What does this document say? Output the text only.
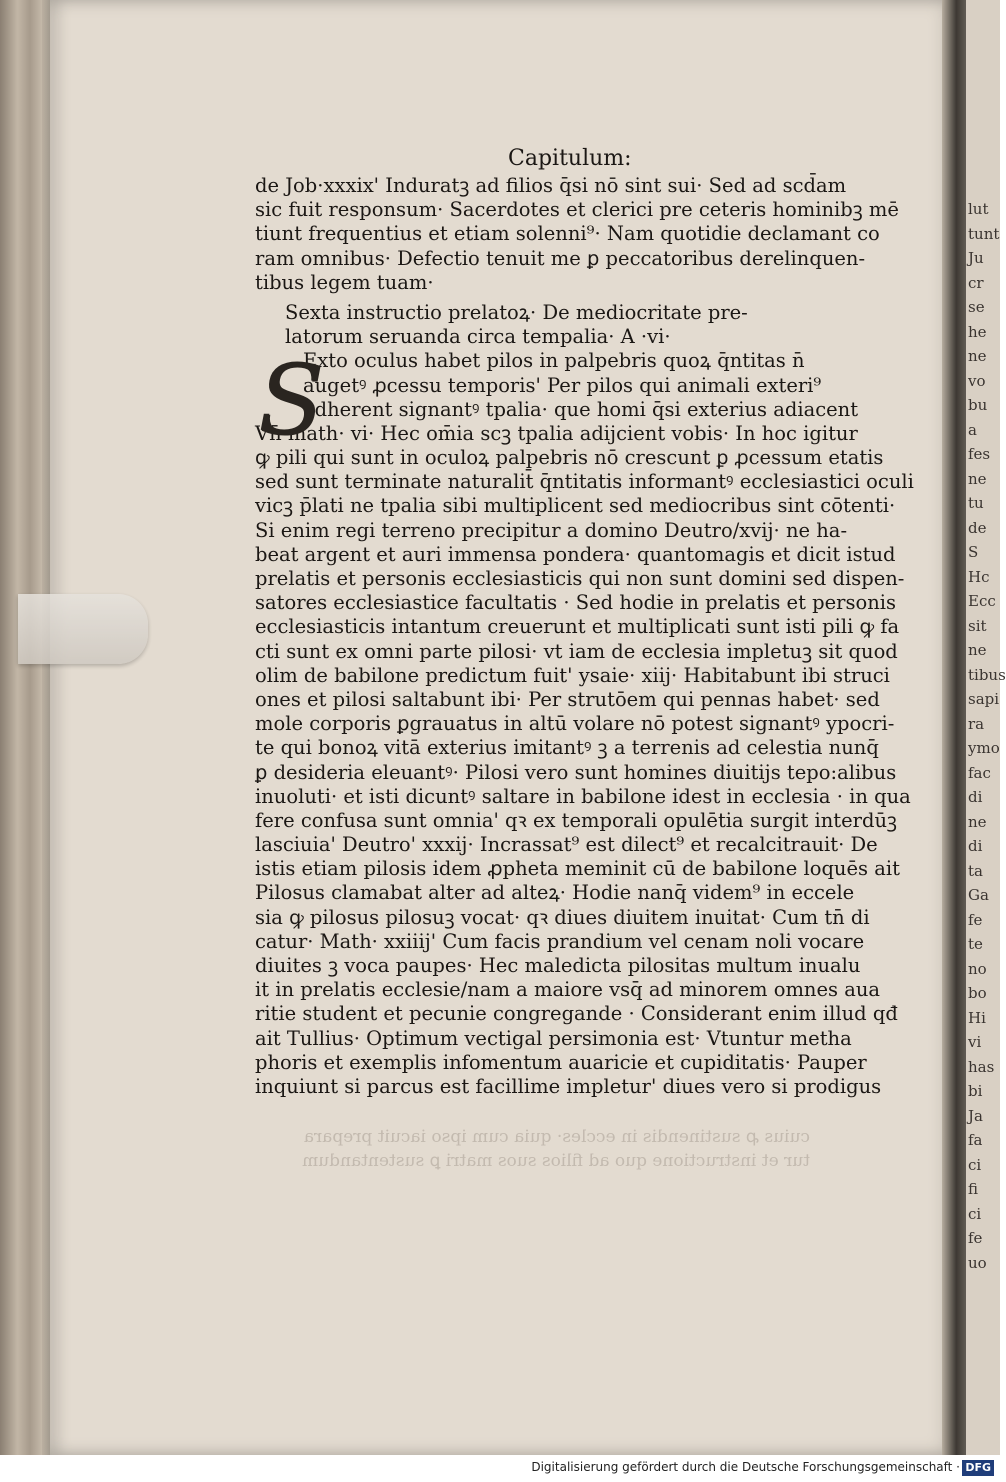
lut
tunt
Ju
cr
se
he
ne
vo
bu
a
fes
ne
tu
de
S
Hc
Ecc
sit
ne
tibus
sapi
ra
ymo
fac
di
ne
di
ta
Ga
fe
te
no
bo
Hi
vi
has
bi
Ja
fa
ci
fi
ci
fe
uo
Capitulum:
de Job·xxxix' Induratꝫ ad filios q̄si nō sint sui· Sed ad scd̄am
sic fuit responsum· Sacerdotes et clerici pre ceteris hominibꝫ mē
tiunt frequentius et etiam solenni⁹· Nam quotidie declamant co
ram omnibus· Defectio tenuit me ꝑ peccatoribus derelinquen-
tibus legem tuam·
Sexta instructio prelatoꝝ· De mediocritate pre-
latorum seruanda circa tempalia· A ·vi·
Exto oculus habet pilos in palpebris quoꝝ q̄ntitas n̄
augetꝰ ꝓcessu temporis' Per pilos qui animali exteri⁹
adherent signantꝰ tpalia· que homi q̄si exterius adiacent
Vn̄ math· vi· Hec om̄ia scꝫ tpalia adijcient vobis· In hoc igitur
ꝙ pili qui sunt in oculoꝝ palpebris nō crescunt ꝑ ꝓcessum etatis
sed sunt terminate naturalit̄ q̄ntitatis informantꝰ ecclesiastici oculi
vicꝫ p̄lati ne tpalia sibi multiplicent sed mediocribus sint cōtenti·
Si enim regi terreno precipitur a domino Deutro/xvij· ne ha-
beat argent et auri immensa pondera· quantomagis et dicit istud
prelatis et personis ecclesiasticis qui non sunt domini sed dispen-
satores ecclesiastice facultatis · Sed hodie in prelatis et personis
ecclesiasticis intantum creuerunt et multiplicati sunt isti pili ꝙ fa
cti sunt ex omni parte pilosi· vt iam de ecclesia impletuꝫ sit quod
olim de babilone predictum fuit' ysaie· xiij· Habitabunt ibi struci
ones et pilosi saltabunt ibi· Per strutōem qui pennas habet· sed
mole corporis ꝑgrauatus in altū volare nō potest signantꝰ ypocri-
te qui bonoꝝ vitā exterius imitantꝰ ꝫ a terrenis ad celestia nunq̄
ꝑ desideria eleuantꝰ· Pilosi vero sunt homines diuitijs tepo:alibus
inuoluti· et isti dicuntꝰ saltare in babilone idest in ecclesia · in qua
fere confusa sunt omnia' qꝛ ex temporali opulētia surgit interdūꝫ
lasciuia' Deutro' xxxij· Incrassat⁹ est dilect⁹ et recalcitrauit· De
istis etiam pilosis idem ꝓpheta meminit cū de babilone loquēs ait
Pilosus clamabat alter ad alteꝝ· Hodie nanq̄ videm⁹ in eccele
sia ꝙ pilosus pilosuꝫ vocat· qꝛ diues diuitem inuitat· Cum tn̄ di
catur· Math· xxiiij' Cum facis prandium vel cenam noli vocare
diuites ꝫ voca paupes· Hec maledicta pilositas multum inualu
it in prelatis ecclesie/nam a maiore vsq̄ ad minorem omnes aua
ritie student et pecunie congregande · Considerant enim illud qđ
ait Tullius· Optimum vectigal persimonia est· Vtuntur metha
phoris et exemplis infomentum auaricie et cupiditatis· Pauper
inquiunt si parcus est facillime impletur' diues vero si prodigus
S
cuius ꝓ sustinendis in eccles· quia cum ipso iacuit prepara
tur et instructione quo ad filios suos matri ꝑ sustentandum
Digitalisierung gefördert durch die Deutsche Forschungsgemeinschaft · DFG
